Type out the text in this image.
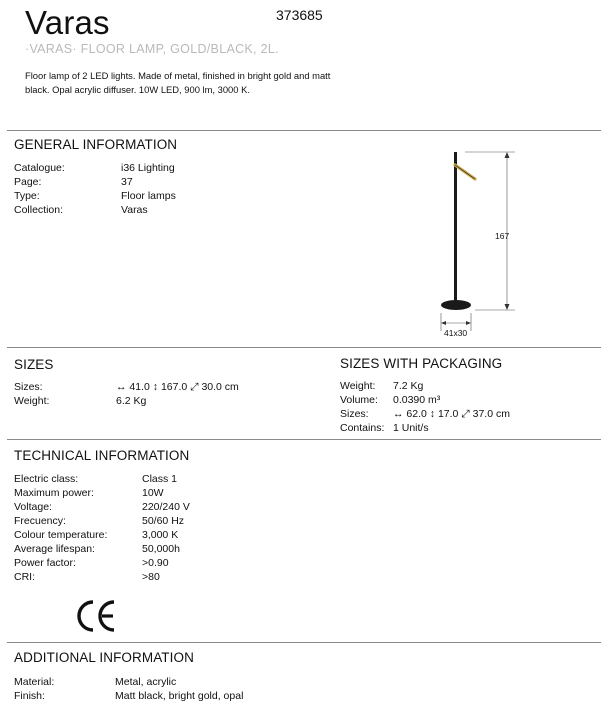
Varas	373685
·VARAS· FLOOR LAMP, GOLD/BLACK, 2L.
Floor lamp of 2 LED lights. Made of metal, finished in bright gold and matt black. Opal acrylic diffuser. 10W LED, 900 lm, 3000 K.
GENERAL INFORMATION
Catalogue:	i36 Lighting
Page:	37
Type:	Floor lamps
Collection:	Varas
167
41x30
SIZES
Sizes:	↔ 41.0 ↕ 167.0 ⤢ 30.0 cm
Weight:	6.2 Kg
SIZES WITH PACKAGING
Weight: 7.2 Kg
Volume: 0.0390 m³
Sizes: ↔ 62.0 ↕ 17.0 ⤢ 37.0 cm
Contains: 1 Unit/s
TECHNICAL INFORMATION
Electric class:	Class 1
Maximum power:	10W
Voltage:	220/240 V
Frecuency:	50/60 Hz
Colour temperature:	3,000 K
Average lifespan:	50,000h
Power factor:	>0.90
CRI:	>80
ADDITIONAL INFORMATION
Material:	Metal, acrylic
Finish:	Matt black, bright gold, opal
